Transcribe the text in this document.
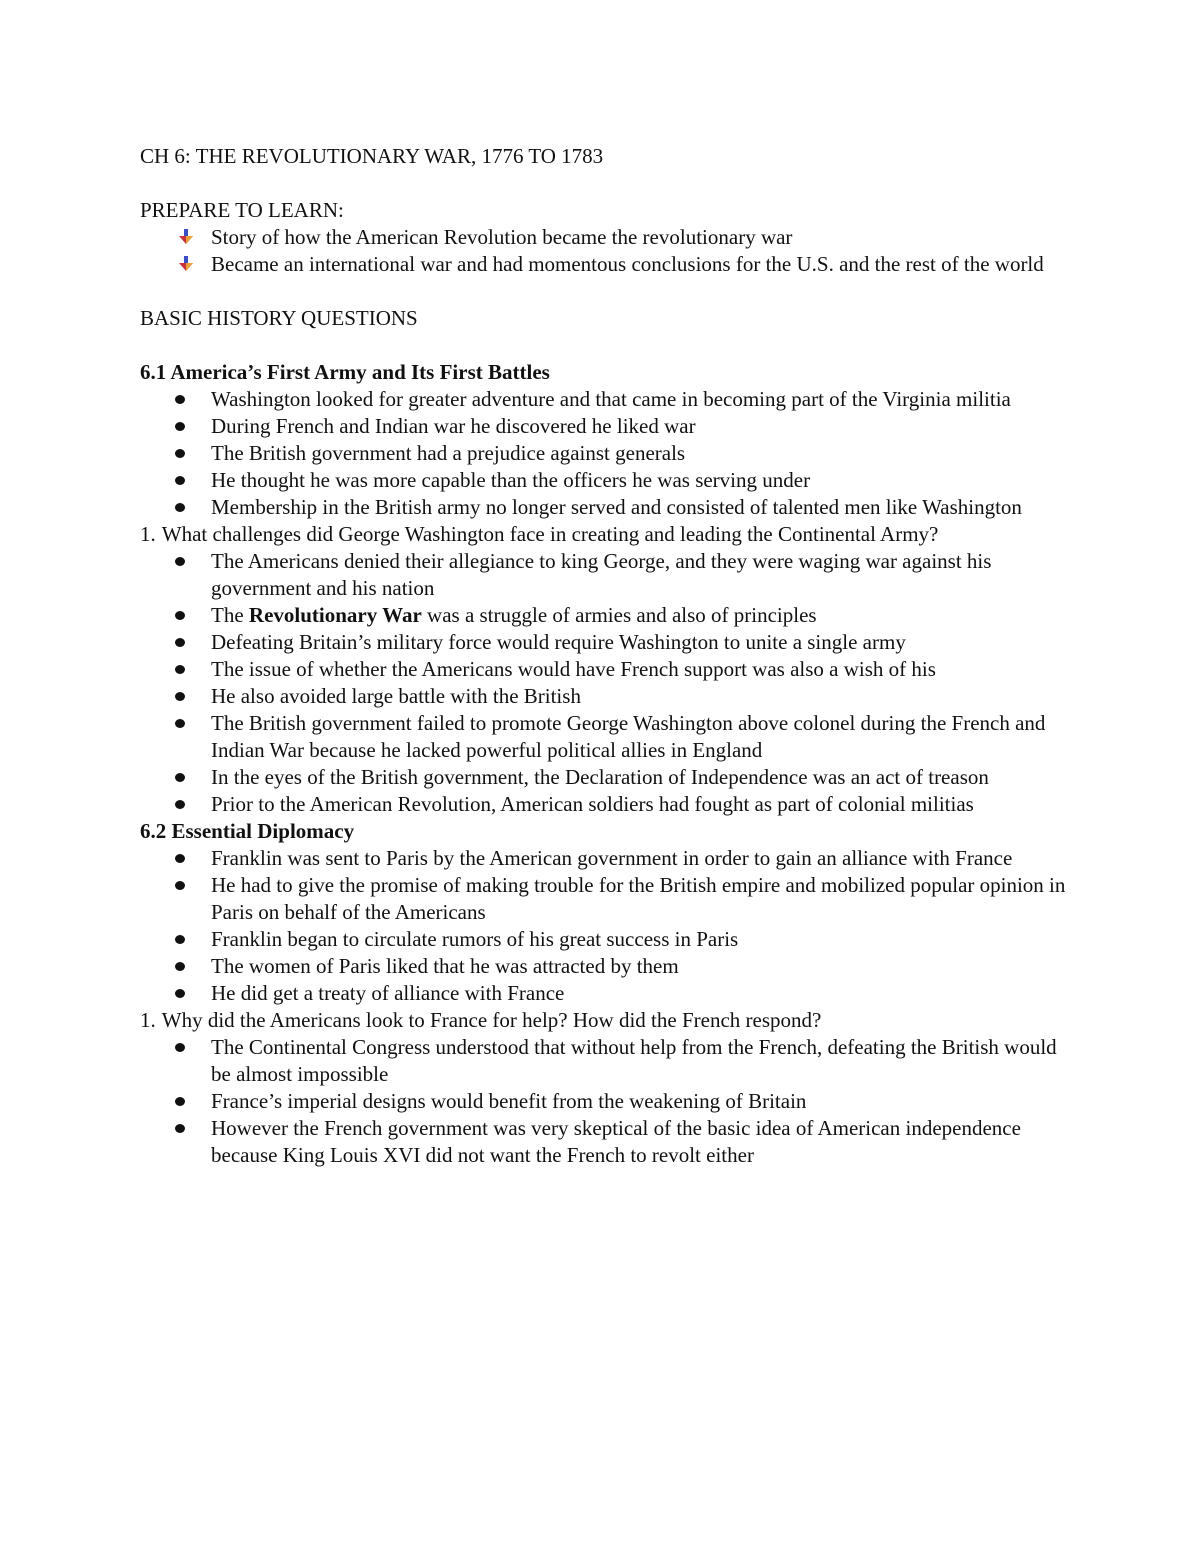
CH 6: THE REVOLUTIONARY WAR, 1776 TO 1783
PREPARE TO LEARN:
Story of how the American Revolution became the revolutionary war
Became an international war and had momentous conclusions for the U.S. and the rest of the world
BASIC HISTORY QUESTIONS
6.1 America’s First Army and Its First Battles
Washington looked for greater adventure and that came in becoming part of the Virginia militia
During French and Indian war he discovered he liked war
The British government had a prejudice against generals
He thought he was more capable than the officers he was serving under
Membership in the British army no longer served and consisted of talented men like Washington
1. What challenges did George Washington face in creating and leading the Continental Army?
The Americans denied their allegiance to king George, and they were waging war against his government and his nation
The Revolutionary War was a struggle of armies and also of principles
Defeating Britain’s military force would require Washington to unite a single army
The issue of whether the Americans would have French support was also a wish of his
He also avoided large battle with the British
The British government failed to promote George Washington above colonel during the French and Indian War because he lacked powerful political allies in England
In the eyes of the British government, the Declaration of Independence was an act of treason
Prior to the American Revolution, American soldiers had fought as part of colonial militias
6.2 Essential Diplomacy
Franklin was sent to Paris by the American government in order to gain an alliance with France
He had to give the promise of making trouble for the British empire and mobilized popular opinion in Paris on behalf of the Americans
Franklin began to circulate rumors of his great success in Paris
The women of Paris liked that he was attracted by them
He did get a treaty of alliance with France
1. Why did the Americans look to France for help? How did the French respond?
The Continental Congress understood that without help from the French, defeating the British would be almost impossible
France’s imperial designs would benefit from the weakening of Britain
However the French government was very skeptical of the basic idea of American independence because King Louis XVI did not want the French to revolt either
